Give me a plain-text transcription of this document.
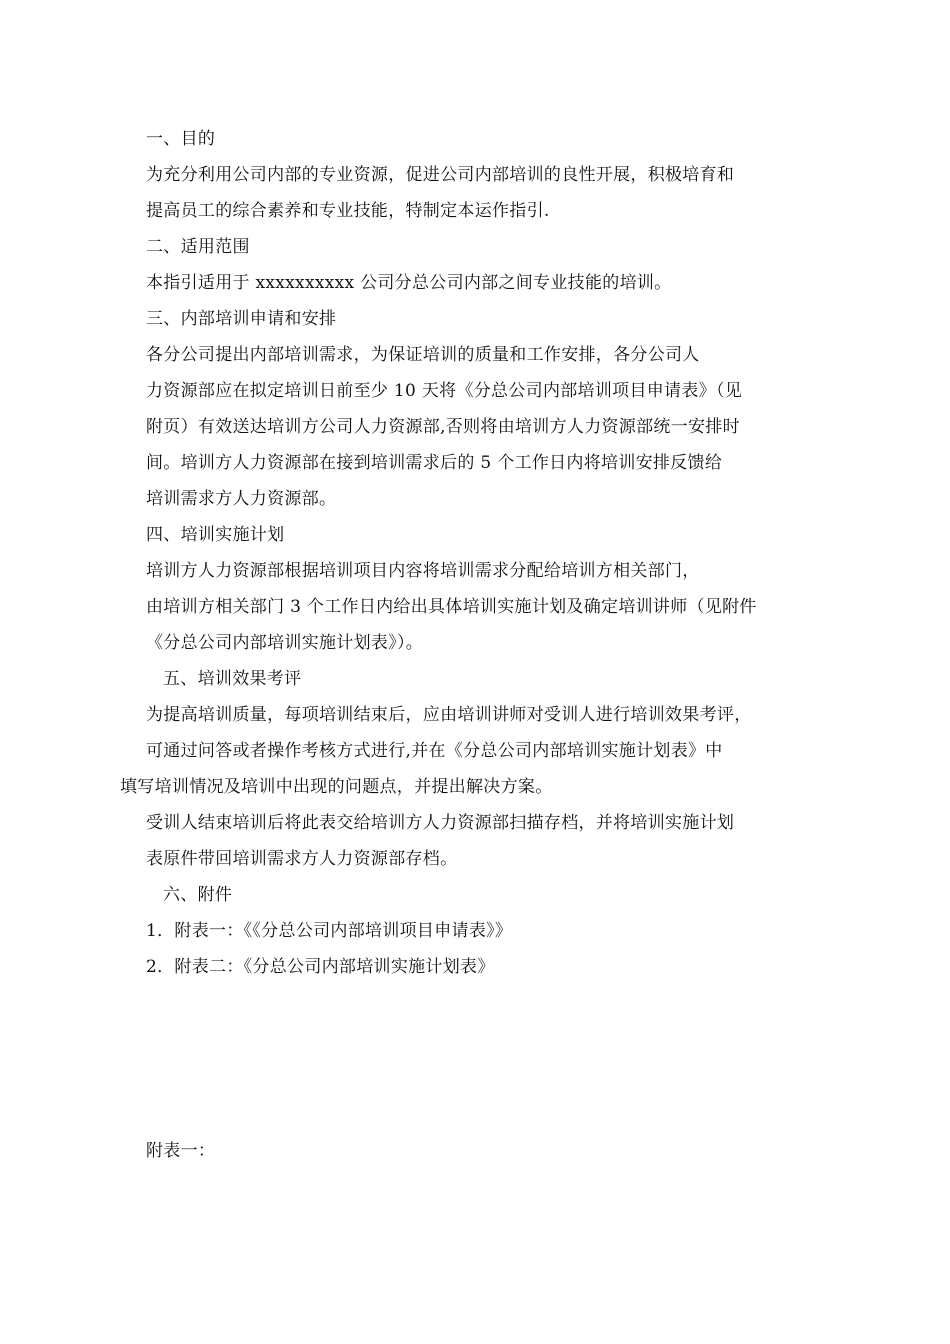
一、目的
为充分利用公司内部的专业资源，促进公司内部培训的良性开展，积极培育和
提高员工的综合素养和专业技能，特制定本运作指引.
二、适用范围
本指引适用于 xxxxxxxxxx 公司分总公司内部之间专业技能的培训。
三、内部培训申请和安排
各分公司提出内部培训需求，为保证培训的质量和工作安排，各分公司人
力资源部应在拟定培训日前至少 10 天将《分总公司内部培训项目申请表》（见
附页）有效送达培训方公司人力资源部,否则将由培训方人力资源部统一安排时
间。培训方人力资源部在接到培训需求后的 5 个工作日内将培训安排反馈给
培训需求方人力资源部。
四、培训实施计划
培训方人力资源部根据培训项目内容将培训需求分配给培训方相关部门，
由培训方相关部门 3 个工作日内给出具体培训实施计划及确定培训讲师（见附件
《分总公司内部培训实施计划表》）。
五、培训效果考评
为提高培训质量，每项培训结束后，应由培训讲师对受训人进行培训效果考评，
可通过问答或者操作考核方式进行,并在《分总公司内部培训实施计划表》中
填写培训情况及培训中出现的问题点，并提出解决方案。
受训人结束培训后将此表交给培训方人力资源部扫描存档，并将培训实施计划
表原件带回培训需求方人力资源部存档。
六、附件
1．附表一：《《分总公司内部培训项目申请表》》
2．附表二：《分总公司内部培训实施计划表》
附表一：
